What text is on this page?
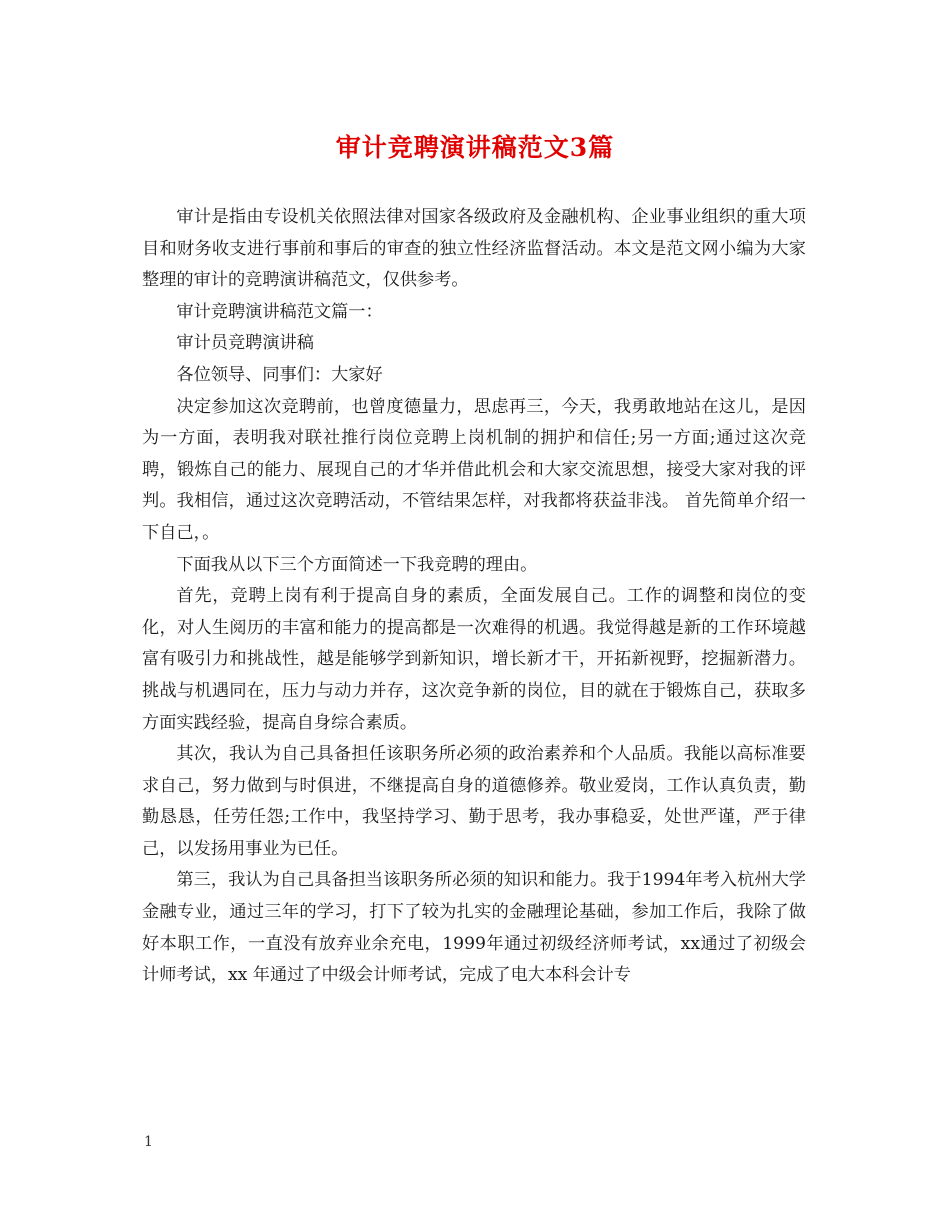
审计竞聘演讲稿范文3篇

审计是指由专设机关依照法律对国家各级政府及金融机构、企业事业组织的重大项目和财务收支进行事前和事后的审查的独立性经济监督活动。本文是范文网小编为大家整理的审计的竞聘演讲稿范文，仅供参考。

审计竞聘演讲稿范文篇一：

审计员竞聘演讲稿

各位领导、同事们：大家好

决定参加这次竞聘前，也曾度德量力，思虑再三，今天，我勇敢地站在这儿，是因为一方面，表明我对联社推行岗位竞聘上岗机制的拥护和信任;另一方面;通过这次竞聘，锻炼自己的能力、展现自己的才华并借此机会和大家交流思想，接受大家对我的评判。我相信，通过这次竞聘活动，不管结果怎样，对我都将获益非浅。 首先简单介绍一下自己，。

下面我从以下三个方面简述一下我竞聘的理由。

首先，竞聘上岗有利于提高自身的素质，全面发展自己。工作的调整和岗位的变化，对人生阅历的丰富和能力的提高都是一次难得的机遇。我觉得越是新的工作环境越富有吸引力和挑战性，越是能够学到新知识，增长新才干，开拓新视野，挖掘新潜力。挑战与机遇同在，压力与动力并存，这次竞争新的岗位，目的就在于锻炼自己，获取多方面实践经验，提高自身综合素质。

其次，我认为自己具备担任该职务所必须的政治素养和个人品质。我能以高标准要求自己，努力做到与时俱进，不继提高自身的道德修养。敬业爱岗，工作认真负责，勤勤恳恳，任劳任怨;工作中，我坚持学习、勤于思考，我办事稳妥，处世严谨，严于律己，以发扬用事业为已任。

第三，我认为自己具备担当该职务所必须的知识和能力。我于1994年考入杭州大学金融专业，通过三年的学习，打下了较为扎实的金融理论基础，参加工作后，我除了做好本职工作，一直没有放弃业余充电，1999年通过初级经济师考试，xx通过了初级会计师考试，xx 年通过了中级会计师考试，完成了电大本科会计专

1
